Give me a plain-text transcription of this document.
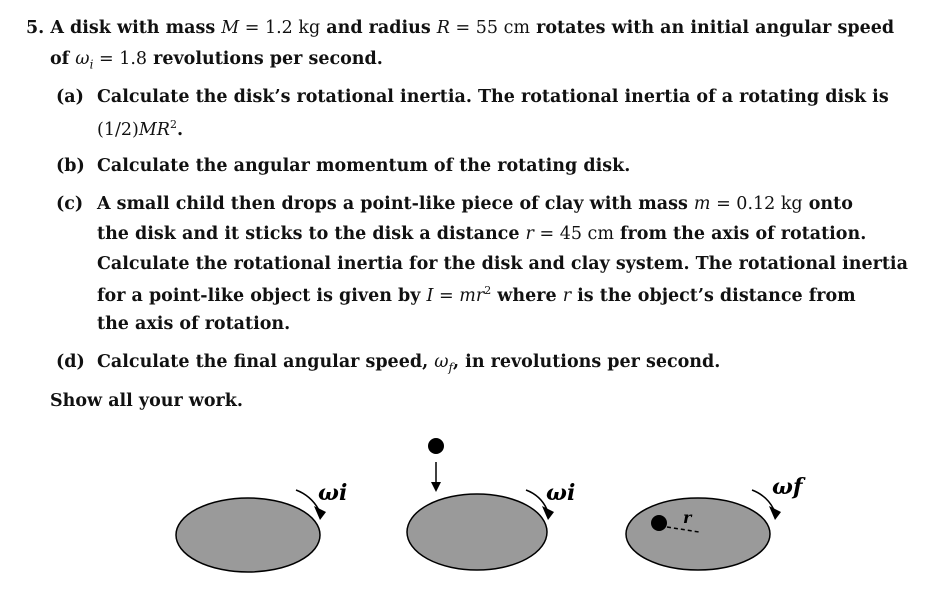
5. A disk with mass M = 1.2 kg and radius R = 55 cm rotates with an initial angular speed
of $\omega_i = 1.8$ revolutions per second.
(a) Calculate the disk’s rotational inertia. The rotational inertia of a rotating disk is
$(1/2)MR^2$.
(b) Calculate the angular momentum of the rotating disk.
(c) A small child then drops a point-like piece of clay with mass m = 0.12 kg onto
the disk and it sticks to the disk a distance r = 45 cm from the axis of rotation.
Calculate the rotational inertia for the disk and clay system. The rotational inertia
for a point-like object is given by $I = mr^2$ where r is the object’s distance from
the axis of rotation.
(d) Calculate the final angular speed, $\omega_f$, in revolutions per second.
Show all your work.
ωi	ωi
r
ωf
